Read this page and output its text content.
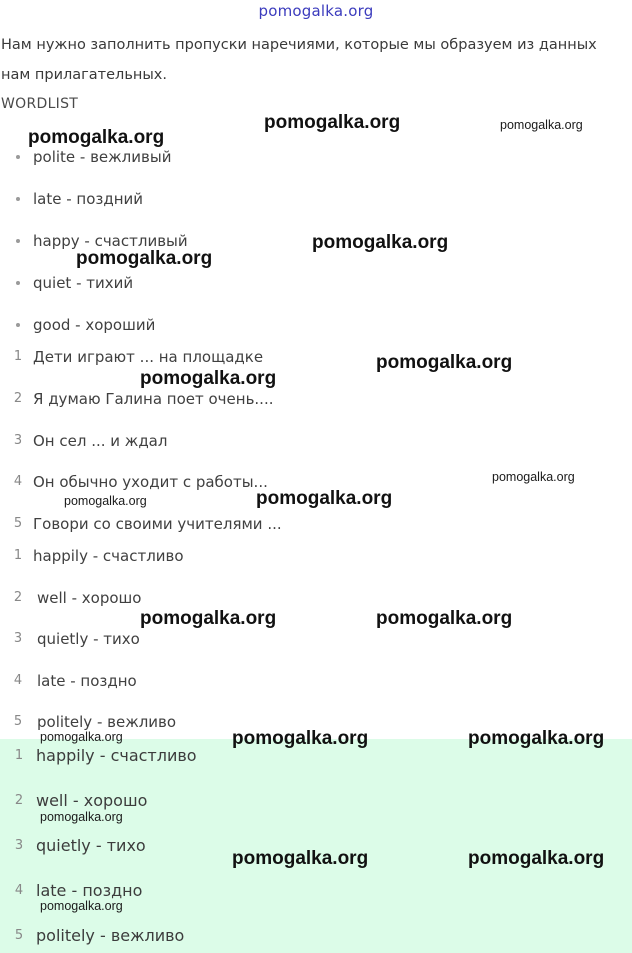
pomogalka.org
Нам нужно заполнить пропуски наречиями, которые мы образуем из данных нам прилагательных.
WORDLIST
polite - вежливый
late - поздний
happy - счастливый
quiet - тихий
good - хороший
1 Дети играют ... на площадке
2 Я думаю Галина поет очень....
3 Он сел ... и ждал
4 Он обычно уходит с работы...
5 Говори со своими учителями ...
1 happily - счастливо
2 well - хорошо
3 quietly - тихо
4 late - поздно
5 politely - вежливо
1 happily - счастливо
2 well - хорошо
3 quietly - тихо
4 late - поздно
5 politely - вежливо
pomogalka.org
pomogalka.org	pomogalka.org
pomogalka.org
pomogalka.org
pomogalka.org
pomogalka.org
pomogalka.org
pomogalka.org
pomogalka.org
pomogalka.org	pomogalka.org
pomogalka.org	pomogalka.org	pomogalka.org
pomogalka.org
pomogalka.org	pomogalka.org
pomogalka.org
